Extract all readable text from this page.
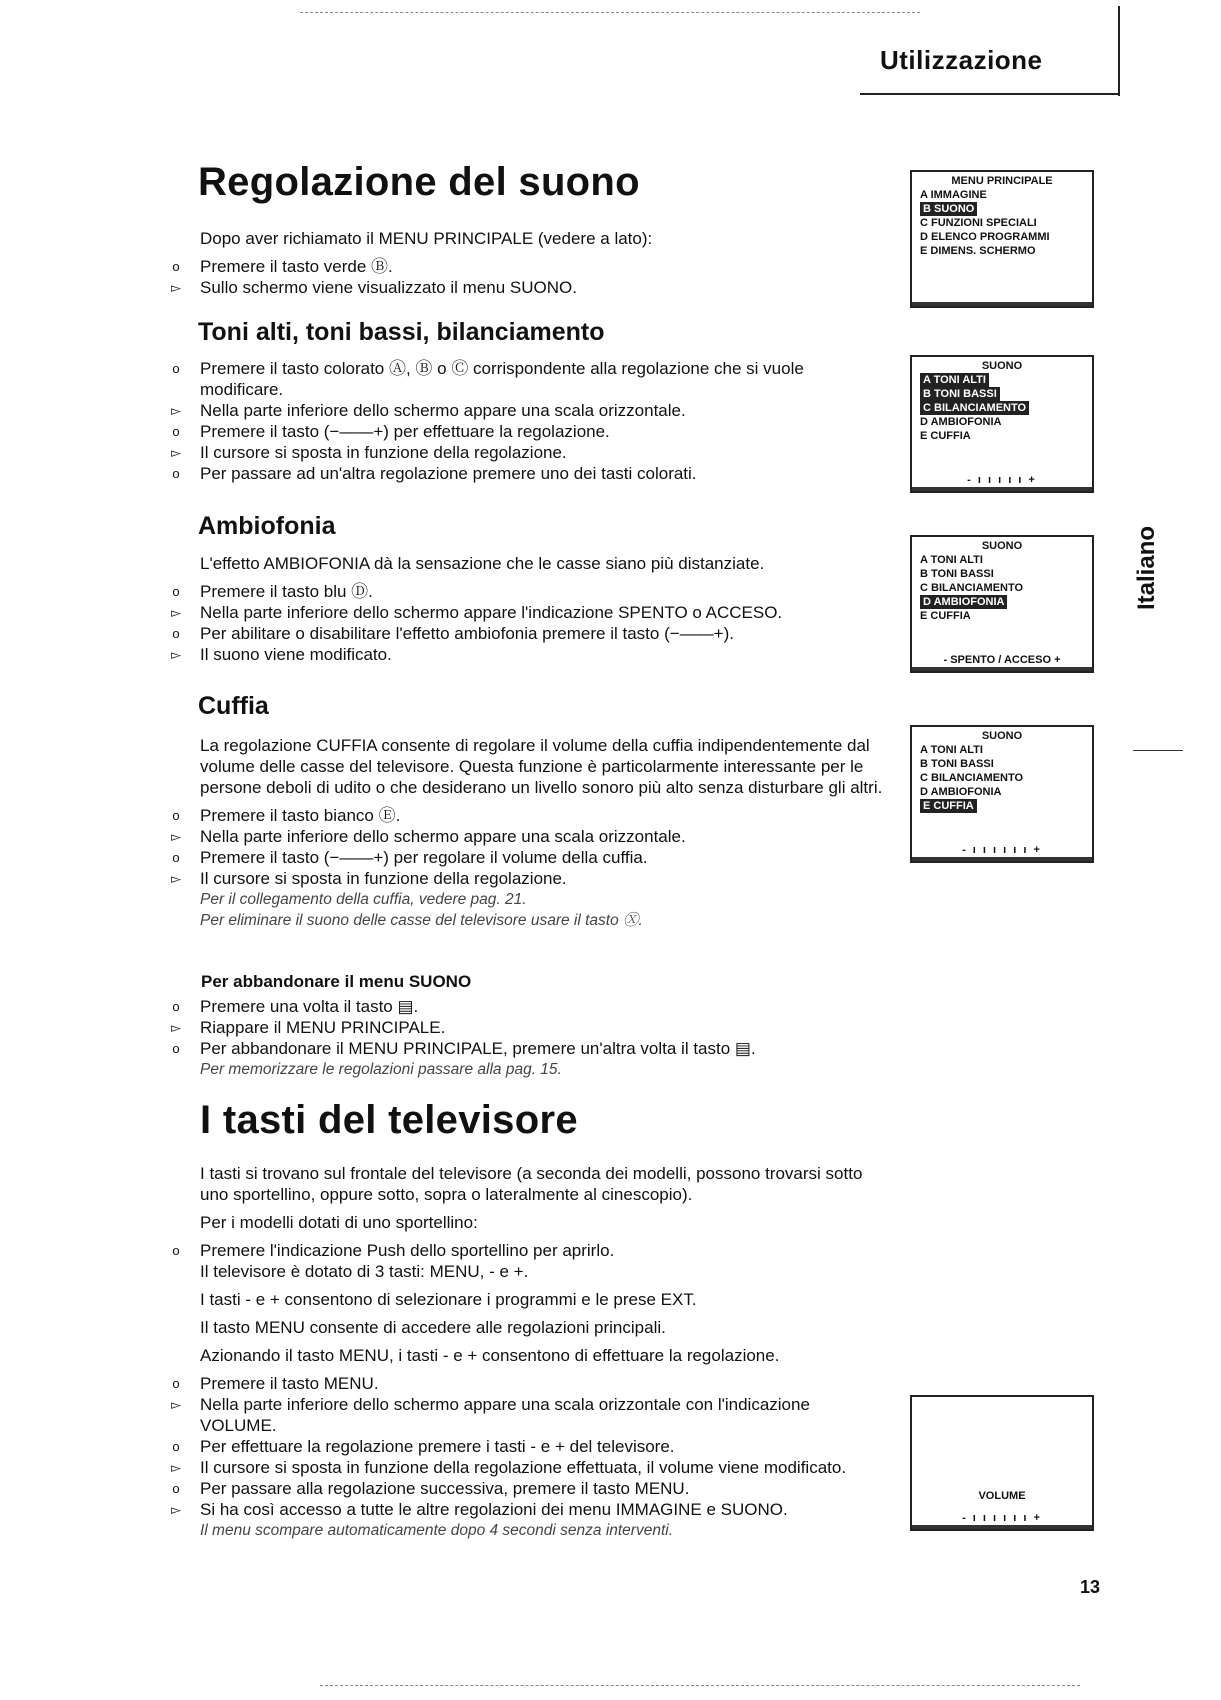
Utilizzazione
Regolazione del suono
Dopo aver richiamato il MENU PRINCIPALE (vedere a lato):
o Premere il tasto verde Ⓑ.
▻ Sullo schermo viene visualizzato il menu SUONO.
Toni alti, toni bassi, bilanciamento
o Premere il tasto colorato Ⓐ, Ⓑ o Ⓒ corrispondente alla regolazione che si vuole modificare.
▻ Nella parte inferiore dello schermo appare una scala orizzontale.
o Premere il tasto (−——+) per effettuare la regolazione.
▻ Il cursore si sposta in funzione della regolazione.
o Per passare ad un'altra regolazione premere uno dei tasti colorati.
Ambiofonia
L'effetto AMBIOFONIA dà la sensazione che le casse siano più distanziate.
o Premere il tasto blu Ⓓ.
▻ Nella parte inferiore dello schermo appare l'indicazione SPENTO o ACCESO.
o Per abilitare o disabilitare l'effetto ambiofonia premere il tasto (−——+).
▻ Il suono viene modificato.
Cuffia
La regolazione CUFFIA consente di regolare il volume della cuffia indipendentemente dal volume delle casse del televisore. Questa funzione è particolarmente interessante per le persone deboli di udito o che desiderano un livello sonoro più alto senza disturbare gli altri.
o Premere il tasto bianco Ⓔ.
▻ Nella parte inferiore dello schermo appare una scala orizzontale.
o Premere il tasto (−——+) per regolare il volume della cuffia.
▻ Il cursore si sposta in funzione della regolazione.
Per il collegamento della cuffia, vedere pag. 21.
Per eliminare il suono delle casse del televisore usare il tasto Ⓧ.
Per abbandonare il menu SUONO
o Premere una volta il tasto ▤.
▻ Riappare il MENU PRINCIPALE.
o Per abbandonare il MENU PRINCIPALE, premere un'altra volta il tasto ▤.
Per memorizzare le regolazioni passare alla pag. 15.
I tasti del televisore
I tasti si trovano sul frontale del televisore (a seconda dei modelli, possono trovarsi sotto uno sportellino, oppure sotto, sopra o lateralmente al cinescopio).
Per i modelli dotati di uno sportellino:
o Premere l'indicazione Push dello sportellino per aprirlo.
Il televisore è dotato di 3 tasti: MENU, - e +.
I tasti - e + consentono di selezionare i programmi e le prese EXT.
Il tasto MENU consente di accedere alle regolazioni principali.
Azionando il tasto MENU, i tasti - e + consentono di effettuare la regolazione.
o Premere il tasto MENU.
▻ Nella parte inferiore dello schermo appare una scala orizzontale con l'indicazione VOLUME.
o Per effettuare la regolazione premere i tasti - e + del televisore.
▻ Il cursore si sposta in funzione della regolazione effettuata, il volume viene modificato.
o Per passare alla regolazione successiva, premere il tasto MENU.
▻ Si ha così accesso a tutte le altre regolazioni dei menu IMMAGINE e SUONO.
Il menu scompare automaticamente dopo 4 secondi senza interventi.
Italiano
13
MENU PRINCIPALE
A IMMAGINE
B SUONO
C FUNZIONI SPECIALI
D ELENCO PROGRAMMI
E DIMENS. SCHERMO
SUONO
A TONI ALTI
B TONI BASSI
C BILANCIAMENTO
D AMBIOFONIA
E CUFFIA
- ı ı ı ı ı +
SUONO
A TONI ALTI
B TONI BASSI
C BILANCIAMENTO
D AMBIOFONIA
E CUFFIA
- SPENTO / ACCESO +
SUONO
A TONI ALTI
B TONI BASSI
C BILANCIAMENTO
D AMBIOFONIA
E CUFFIA
- ı ı ı ı ı ı +
VOLUME
- ı ı ı ı ı ı +
